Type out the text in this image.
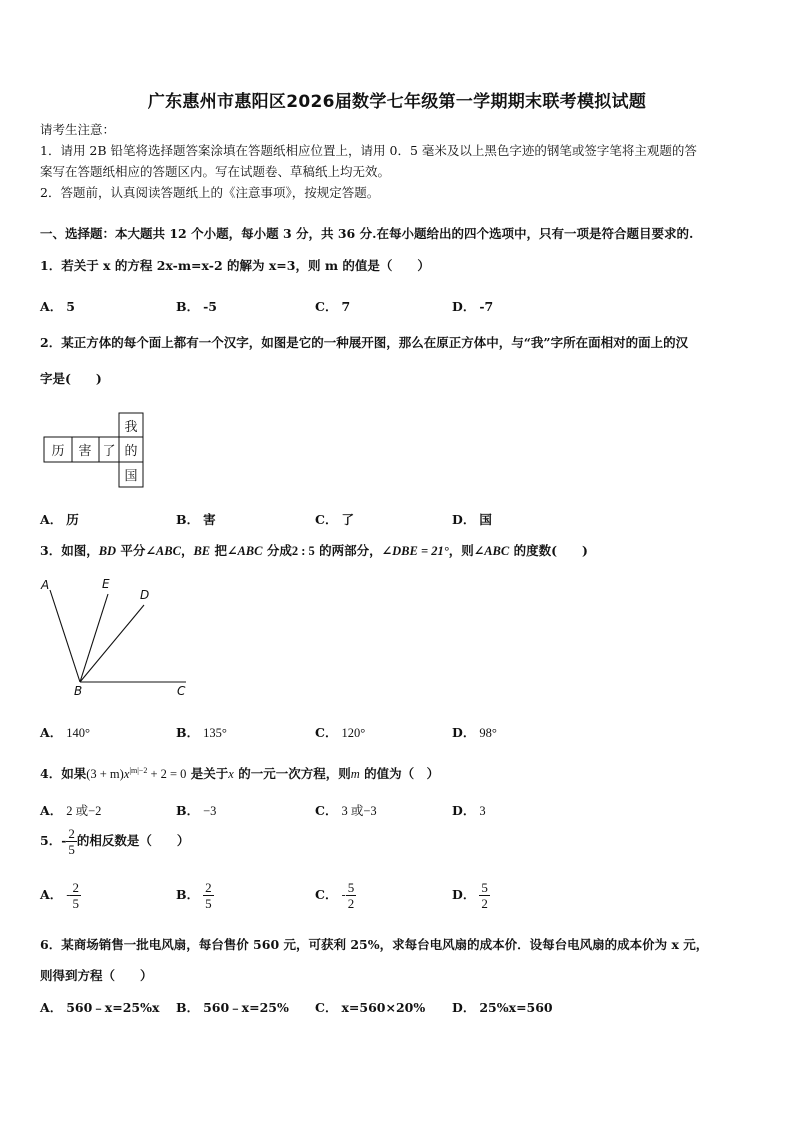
广东惠州市惠阳区2026届数学七年级第一学期期末联考模拟试题
请考生注意：
1．请用 2B 铅笔将选择题答案涂填在答题纸相应位置上，请用 0．5 毫米及以上黑色字迹的钢笔或签字笔将主观题的答
案写在答题纸相应的答题区内。写在试题卷、草稿纸上均无效。
2．答题前，认真阅读答题纸上的《注意事项》，按规定答题。
一、选择题：本大题共 12 个小题，每小题 3 分，共 36 分.在每小题给出的四个选项中，只有一项是符合题目要求的.
1．若关于 x 的方程 2x-m=x-2 的解为 x=3，则 m 的值是（　　）
A． 5	B． -5	C． 7	D． -7
2．某正方体的每个面上都有一个汉字，如图是它的一种展开图，那么在原正方体中，与“我”字所在面相对的面上的汉
字是(　　)
历 害 了
我
的
国
A． 历	B． 害	C． 了	D． 国
3．如图，BD 平分∠ABC，BE 把∠ABC 分成2 : 5 的两部分，∠DBE = 21°，则∠ABC 的度数(　　)
A	E
D
B	C
A． 140°	B． 135°	C． 120°	D． 98°
4．如果$(3 + m)x^{|m|-2} + 2 = 0$ 是关于x 的一元一次方程，则m 的值为（　）
A． 2 或−2	B． −3	C． 3 或−3	D． 3
5．- $\frac{2}{5}$ 的相反数是（　　）
A． - $\frac{2}{5}$	B． $\frac{2}{5}$	C． - $\frac{5}{2}$	D． $\frac{5}{2}$
6．某商场销售一批电风扇，每台售价 560 元，可获利 25%，求每台电风扇的成本价．设每台电风扇的成本价为 x 元，
则得到方程（　　）
A． 560﹣x=25%x B． 560﹣x=25% C． x=560×20% D． 25%x=560
